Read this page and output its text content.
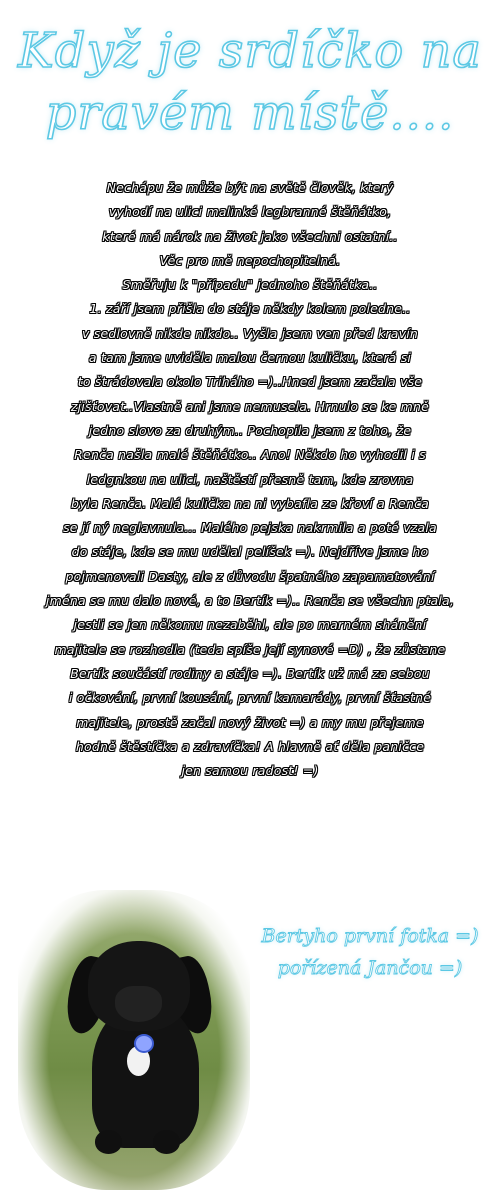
Když je srdíčko na
pravém místě....
Nechápu že může být na světě člověk, který
vyhodí na ulici malinké legbranné štěňátko,
které má nárok na život jako všechni ostatní..
Věc pro mě nepochopitelná.
Směřuju k "případu" jednoho štěňátka..
1. září jsem přišla do stáje někdy kolem poledne..
v sedlovně nikde nikdo.. Vyšla jsem ven před kravín
a tam jsme uviděla malou černou kuličku, která si
to štrádovala okolo Triháho =)..Hned jsem začala vše
zjišťovat..Vlastně ani jsme nemusela. Hrnulo se ke mně
jedno slovo za druhým.. Pochopila jsem z toho, že
Renča našla malé štěňátko.. Ano! Někdo ho vyhodil i s
ledgnkou na ulici, naštěstí přesně tam, kde zrovna
byla Renča. Malá kulička na ni vybafla ze křoví a Renča
se jí ný neglavnula... Malého pejska nakrmila a poté vzala
do stáje, kde se mu udělal pelíšek =). Nejdříve jsme ho
pojmenovali Dasty, ale z důvodu špatného zapamatování
jména se mu dalo nové, a to Bertík =).. Renča se všechn ptala,
jestli se jen někomu nezaběhl, ale po marném shánění
majitele se rozhodla (teda spíše její synové =D) , že zůstane
Bertík součástí rodiny a stáje =). Bertík už má za sebou
i očkování, první kousání, první kamarády, první šťastné
majitele, prostě začal nový život =) a my mu přejeme
hodně štěstíčka a zdravíčka! A hlavně ať děla paničce
jen samou radost! =)
Bertyho první fotka =)
pořízená Jančou =)
